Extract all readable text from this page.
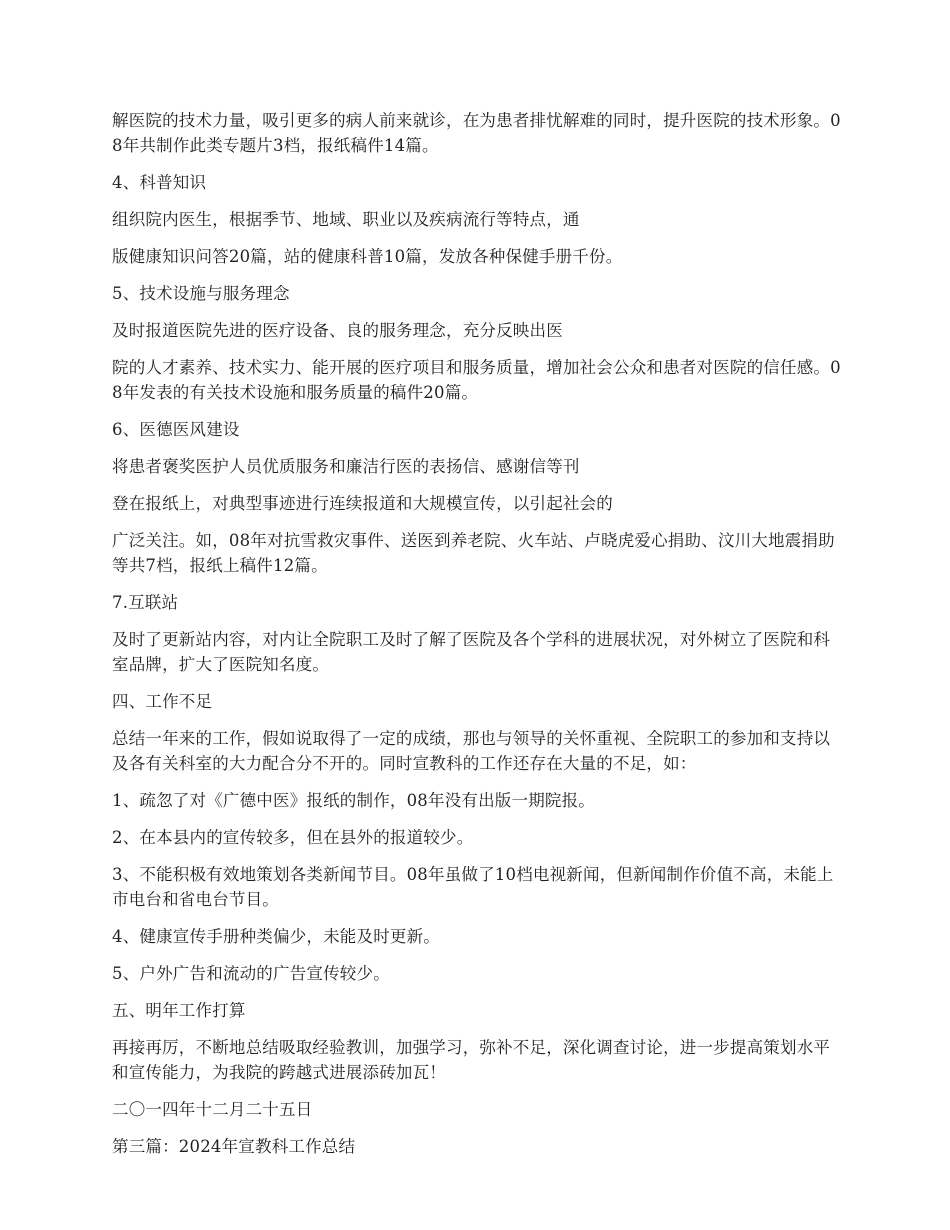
解医院的技术力量，吸引更多的病人前来就诊，在为患者排忧解难的同时，提升医院的技术形象。08年共制作此类专题片3档，报纸稿件14篇。

4、科普知识

组织院内医生，根据季节、地域、职业以及疾病流行等特点，通

版健康知识问答20篇，站的健康科普10篇，发放各种保健手册千份。

5、技术设施与服务理念

及时报道医院先进的医疗设备、良的服务理念，充分反映出医

院的人才素养、技术实力、能开展的医疗项目和服务质量，增加社会公众和患者对医院的信任感。08年发表的有关技术设施和服务质量的稿件20篇。

6、医德医风建设

将患者褒奖医护人员优质服务和廉洁行医的表扬信、感谢信等刊

登在报纸上，对典型事迹进行连续报道和大规模宣传，以引起社会的

广泛关注。如，08年对抗雪救灾事件、送医到养老院、火车站、卢晓虎爱心捐助、汶川大地震捐助等共7档，报纸上稿件12篇。

7.互联站

及时了更新站内容，对内让全院职工及时了解了医院及各个学科的进展状况，对外树立了医院和科室品牌，扩大了医院知名度。

四、工作不足

总结一年来的工作，假如说取得了一定的成绩，那也与领导的关怀重视、全院职工的参加和支持以及各有关科室的大力配合分不开的。同时宣教科的工作还存在大量的不足，如：

1、疏忽了对《广德中医》报纸的制作，08年没有出版一期院报。

2、在本县内的宣传较多，但在县外的报道较少。

3、不能积极有效地策划各类新闻节目。08年虽做了10档电视新闻，但新闻制作价值不高，未能上市电台和省电台节目。

4、健康宣传手册种类偏少，未能及时更新。

5、户外广告和流动的广告宣传较少。

五、明年工作打算

再接再厉，不断地总结吸取经验教训，加强学习，弥补不足，深化调查讨论，进一步提高策划水平和宣传能力，为我院的跨越式进展添砖加瓦！

二〇一四年十二月二十五日

第三篇：2024年宣教科工作总结
